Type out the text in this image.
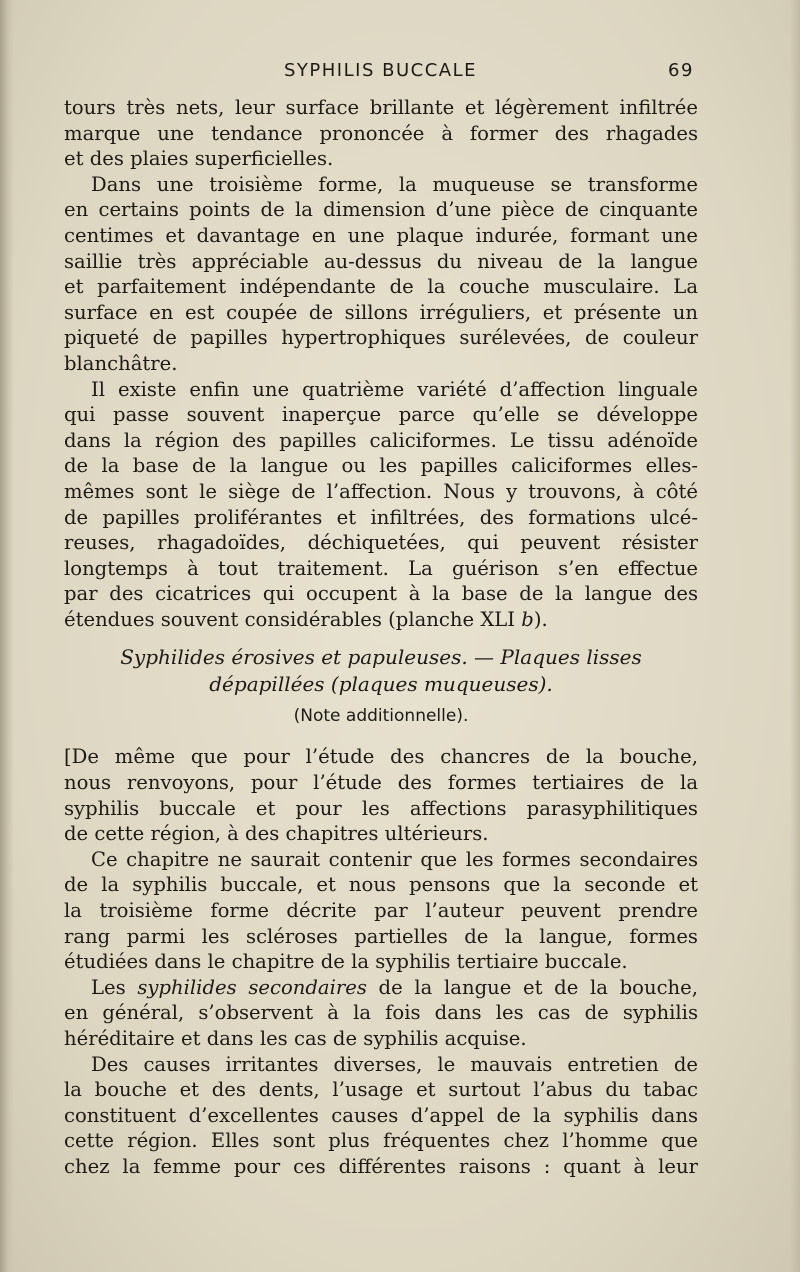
SYPHILIS BUCCALE	69
tours très nets, leur surface brillante et légèrement infiltrée
marque une tendance prononcée à former des rhagades
et des plaies superficielles.
Dans une troisième forme, la muqueuse se transforme
en certains points de la dimension d’une pièce de cinquante
centimes et davantage en une plaque indurée, formant une
saillie très appréciable au-dessus du niveau de la langue
et parfaitement indépendante de la couche musculaire. La
surface en est coupée de sillons irréguliers, et présente un
piqueté de papilles hypertrophiques surélevées, de couleur
blanchâtre.
Il existe enfin une quatrième variété d’affection linguale
qui passe souvent inaperçue parce qu’elle se développe
dans la région des papilles caliciformes. Le tissu adénoïde
de la base de la langue ou les papilles caliciformes elles-
mêmes sont le siège de l’affection. Nous y trouvons, à côté
de papilles proliférantes et infiltrées, des formations ulcé-
reuses, rhagadoïdes, déchiquetées, qui peuvent résister
longtemps à tout traitement. La guérison s’en effectue
par des cicatrices qui occupent à la base de la langue des
étendues souvent considérables (planche XLI b).
Syphilides érosives et papuleuses. — Plaques lisses
dépapillées (plaques muqueuses).
(Note additionnelle).
[De même que pour l’étude des chancres de la bouche,
nous renvoyons, pour l’étude des formes tertiaires de la
syphilis buccale et pour les affections parasyphilitiques
de cette région, à des chapitres ultérieurs.
Ce chapitre ne saurait contenir que les formes secondaires
de la syphilis buccale, et nous pensons que la seconde et
la troisième forme décrite par l’auteur peuvent prendre
rang parmi les scléroses partielles de la langue, formes
étudiées dans le chapitre de la syphilis tertiaire buccale.
Les syphilides secondaires de la langue et de la bouche,
en général, s’observent à la fois dans les cas de syphilis
héréditaire et dans les cas de syphilis acquise.
Des causes irritantes diverses, le mauvais entretien de
la bouche et des dents, l’usage et surtout l’abus du tabac
constituent d’excellentes causes d’appel de la syphilis dans
cette région. Elles sont plus fréquentes chez l’homme que
chez la femme pour ces différentes raisons : quant à leur
